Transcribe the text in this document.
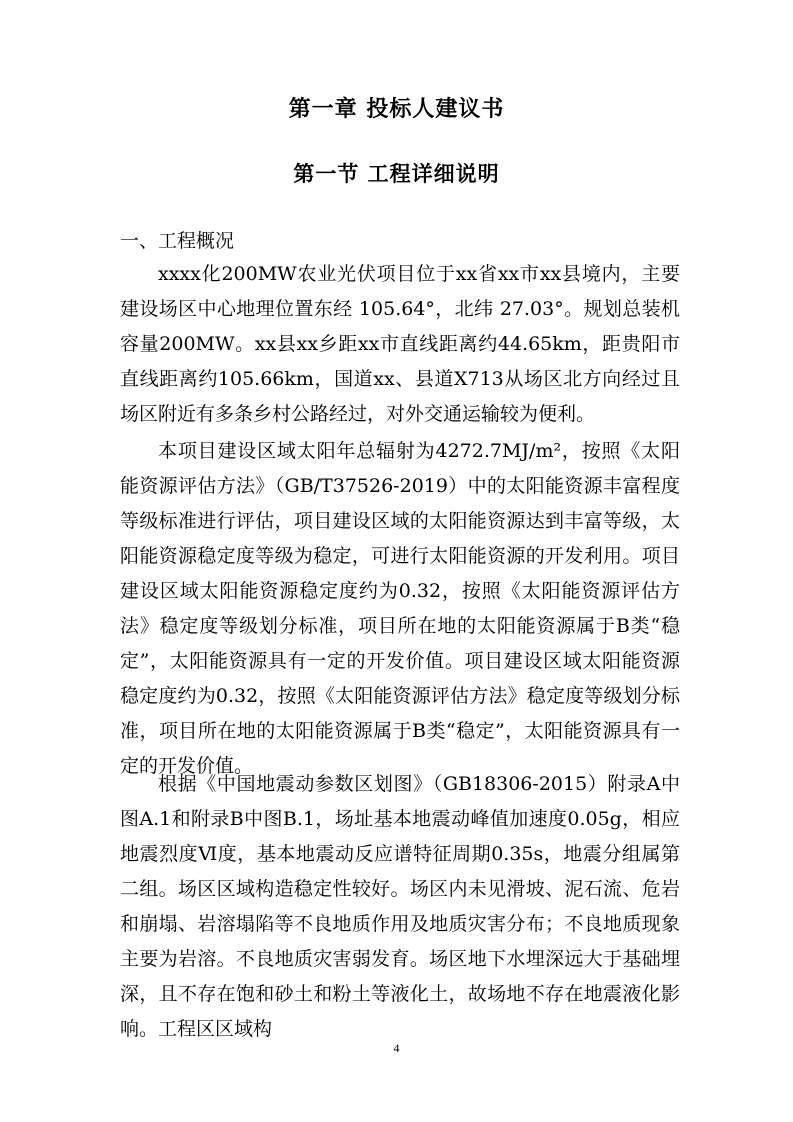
第一章 投标人建议书
第一节 工程详细说明
一、工程概况
xxxx化200MW农业光伏项目位于xx省xx市xx县境内，主要建设场区中心地理位置东经 105.64°，北纬 27.03°。规划总装机容量200MW。xx县xx乡距xx市直线距离约44.65km，距贵阳市直线距离约105.66km，国道xx、县道X713从场区北方向经过且场区附近有多条乡村公路经过，对外交通运输较为便利。
本项目建设区域太阳年总辐射为4272.7MJ/m²，按照《太阳能资源评估方法》（GB/T37526-2019）中的太阳能资源丰富程度等级标准进行评估，项目建设区域的太阳能资源达到丰富等级，太阳能资源稳定度等级为稳定，可进行太阳能资源的开发利用。项目建设区域太阳能资源稳定度约为0.32，按照《太阳能资源评估方法》稳定度等级划分标准，项目所在地的太阳能资源属于B类“稳定”，太阳能资源具有一定的开发价值。项目建设区域太阳能资源稳定度约为0.32，按照《太阳能资源评估方法》稳定度等级划分标准，项目所在地的太阳能资源属于B类“稳定”，太阳能资源具有一定的开发价值。
根据《中国地震动参数区划图》（GB18306-2015）附录A中图A.1和附录B中图B.1，场址基本地震动峰值加速度0.05g，相应地震烈度Ⅵ度，基本地震动反应谱特征周期0.35s，地震分组属第二组。场区区域构造稳定性较好。场区内未见滑坡、泥石流、危岩和崩塌、岩溶塌陷等不良地质作用及地质灾害分布；不良地质现象主要为岩溶。不良地质灾害弱发育。场区地下水埋深远大于基础埋深，且不存在饱和砂土和粉土等液化土，故场地不存在地震液化影响。工程区区域构
4
